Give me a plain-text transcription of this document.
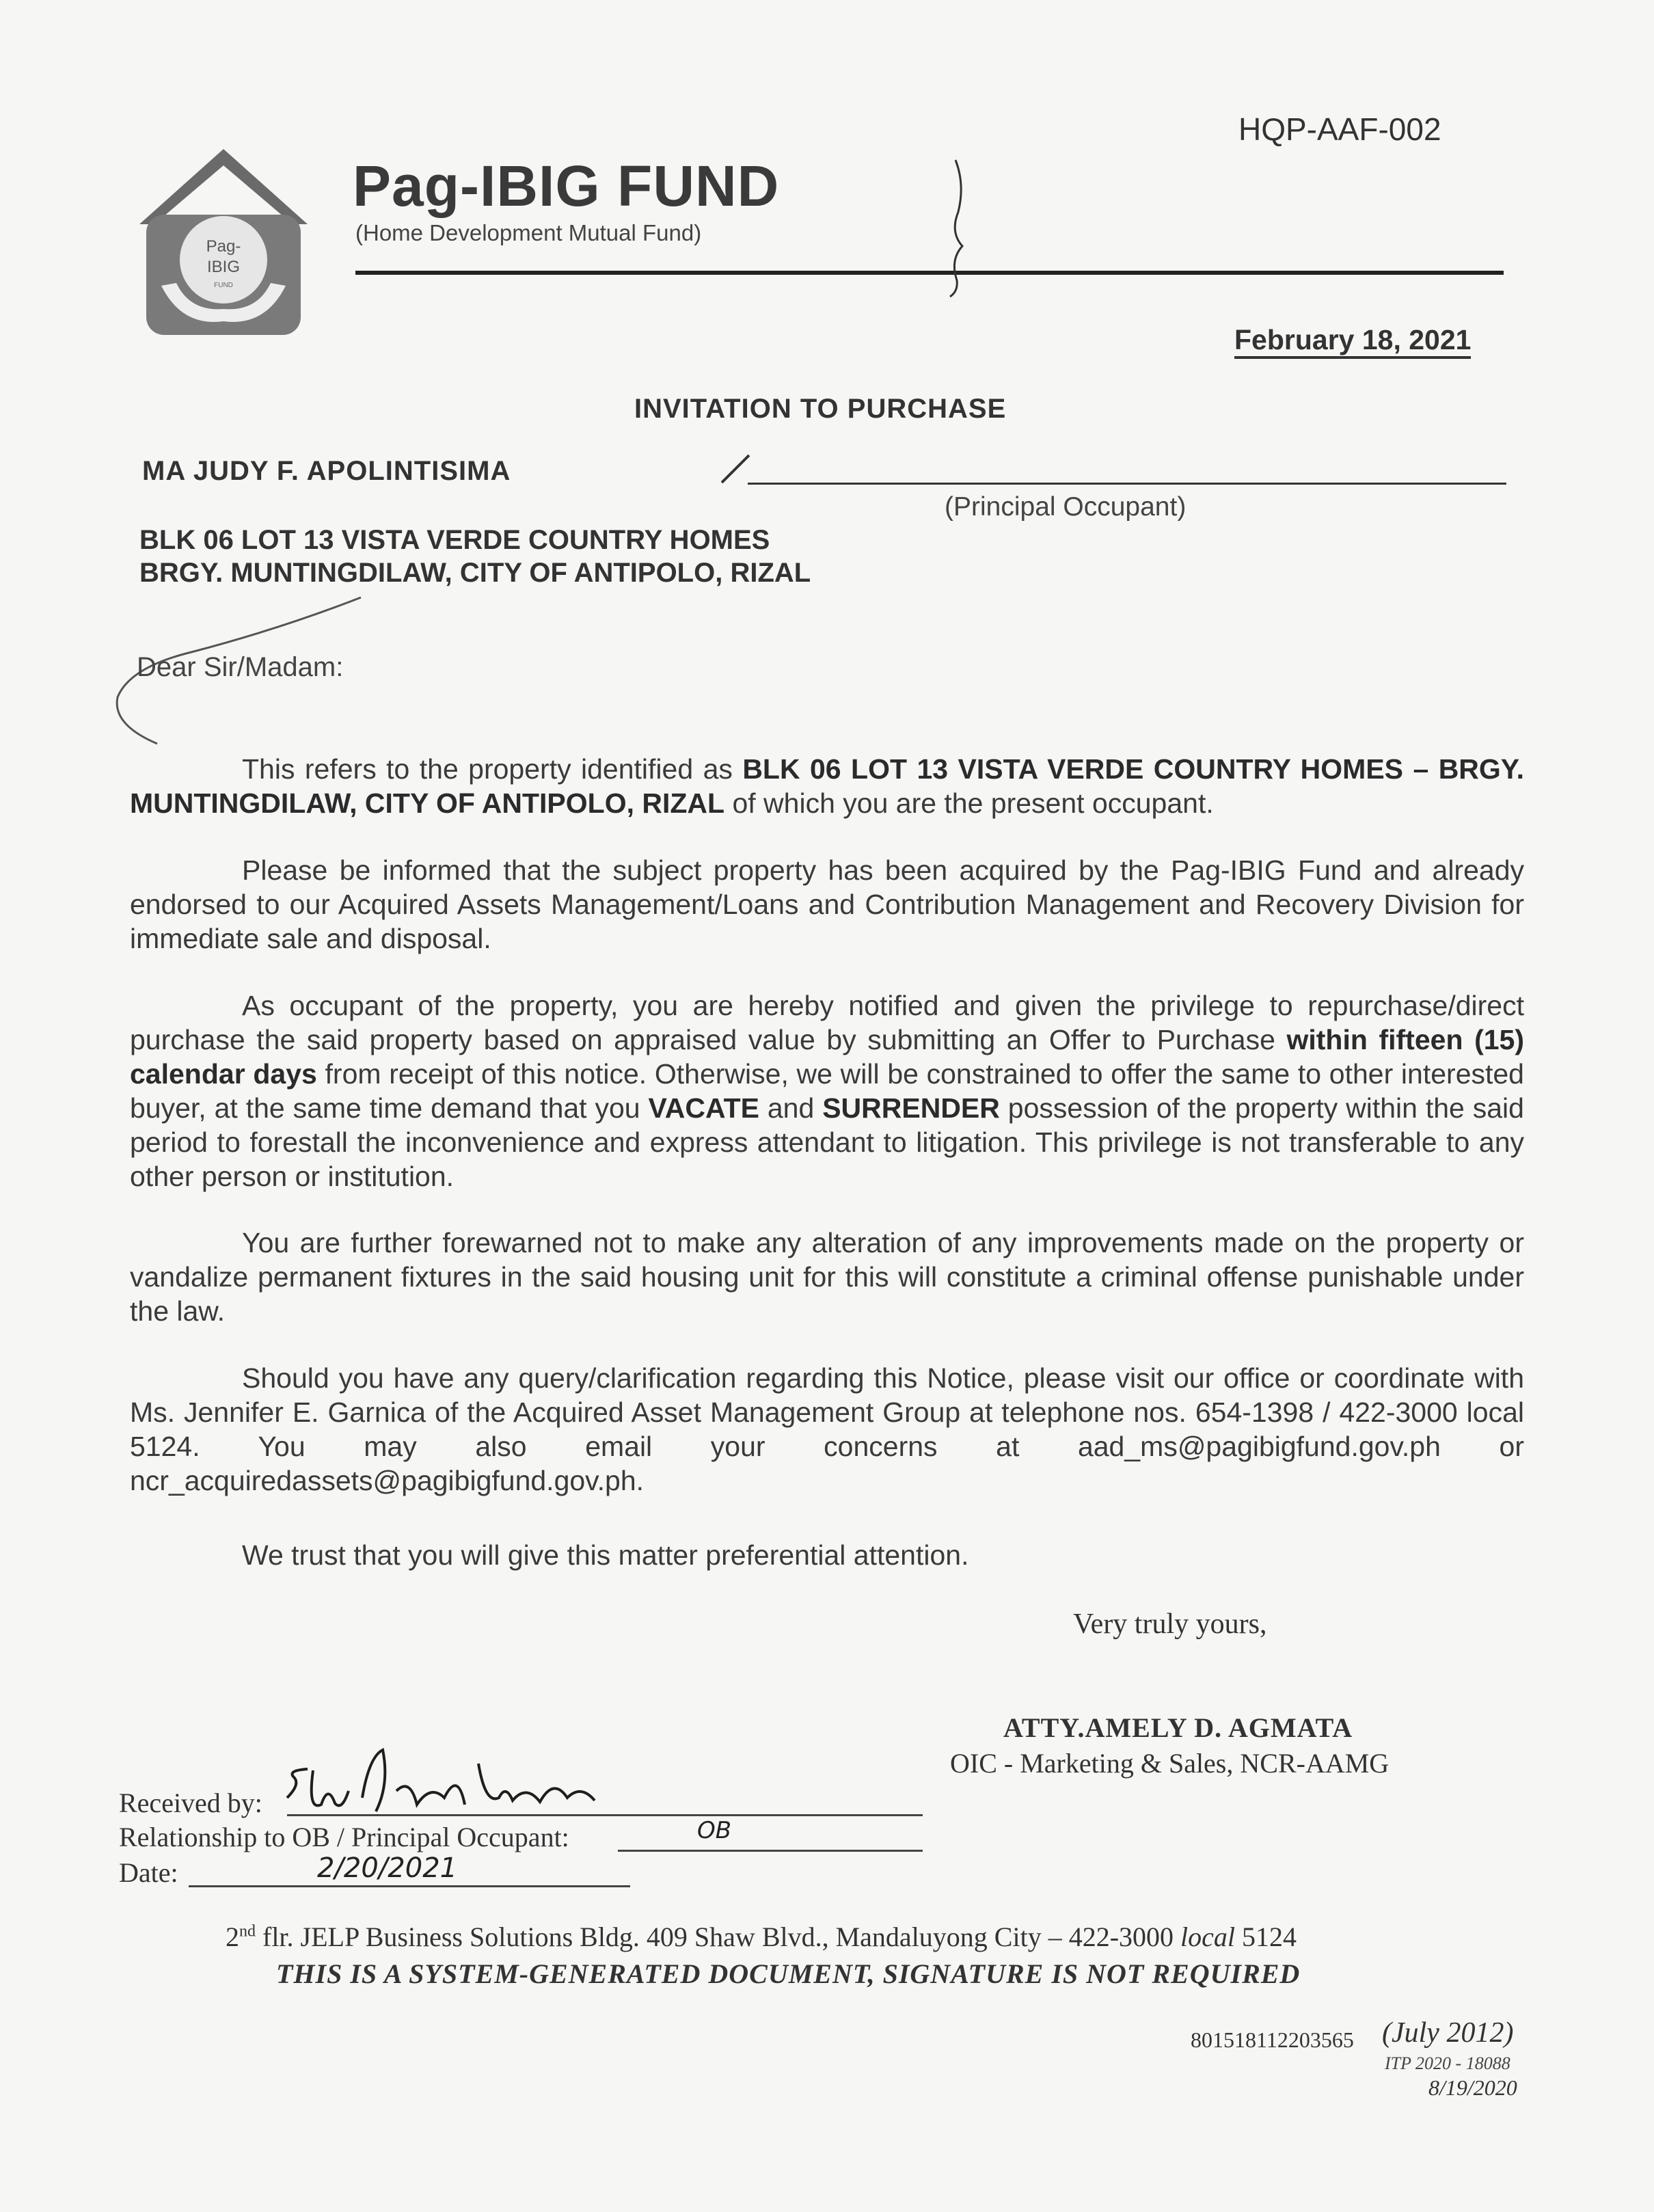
HQP-AAF-002
Pag-
IBIG
FUND
Pag-IBIG FUND
(Home Development Mutual Fund)
February 18, 2021
INVITATION TO PURCHASE
MA JUDY F. APOLINTISIMA
(Principal Occupant)
BLK 06 LOT 13 VISTA VERDE COUNTRY HOMES
BRGY. MUNTINGDILAW, CITY OF ANTIPOLO, RIZAL
Dear Sir/Madam:
This refers to the property identified as BLK 06 LOT 13 VISTA VERDE COUNTRY HOMES – BRGY. MUNTINGDILAW, CITY OF ANTIPOLO, RIZAL of which you are the present occupant.
Please be informed that the subject property has been acquired by the Pag-IBIG Fund and already endorsed to our Acquired Assets Management/Loans and Contribution Management and Recovery Division for immediate sale and disposal.
As occupant of the property, you are hereby notified and given the privilege to repurchase/direct purchase the said property based on appraised value by submitting an Offer to Purchase within fifteen (15) calendar days from receipt of this notice. Otherwise, we will be constrained to offer the same to other interested buyer, at the same time demand that you VACATE and SURRENDER possession of the property within the said period to forestall the inconvenience and express attendant to litigation. This privilege is not transferable to any other person or institution.
You are further forewarned not to make any alteration of any improvements made on the property or vandalize permanent fixtures in the said housing unit for this will constitute a criminal offense punishable under the law.
Should you have any query/clarification regarding this Notice, please visit our office or coordinate with Ms. Jennifer E. Garnica of the Acquired Asset Management Group at telephone nos. 654-1398 / 422-3000 local 5124. You may also email your concerns at aad_ms@pagibigfund.gov.ph or ncr_acquiredassets@pagibigfund.gov.ph.
We trust that you will give this matter preferential attention.
Very truly yours,
ATTY.AMELY D. AGMATA
OIC - Marketing & Sales, NCR-AAMG
Received by:
Relationship to OB / Principal Occupant:	OB
Date:	2/20/2021
2nd flr. JELP Business Solutions Bldg. 409 Shaw Blvd., Mandaluyong City – 422-3000 local 5124
THIS IS A SYSTEM-GENERATED DOCUMENT, SIGNATURE IS NOT REQUIRED
801518112203565 (July 2012)
ITP 2020 - 18088
8/19/2020
